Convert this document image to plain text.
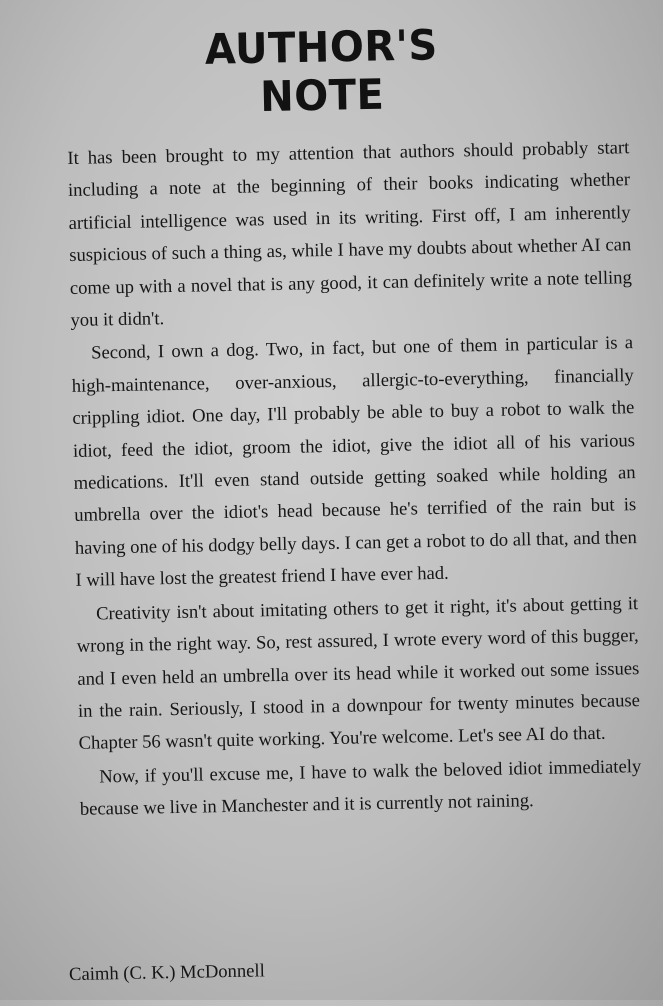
AUTHOR'S NOTE

It has been brought to my attention that authors should probably start including a note at the beginning of their books indicating whether artificial intelligence was used in its writing. First off, I am inherently suspicious of such a thing as, while I have my doubts about whether AI can come up with a novel that is any good, it can definitely write a note telling you it didn't.

Second, I own a dog. Two, in fact, but one of them in particular is a high-maintenance, over-anxious, allergic-to-everything, financially crippling idiot. One day, I'll probably be able to buy a robot to walk the idiot, feed the idiot, groom the idiot, give the idiot all of his various medications. It'll even stand outside getting soaked while holding an umbrella over the idiot's head because he's terrified of the rain but is having one of his dodgy belly days. I can get a robot to do all that, and then I will have lost the greatest friend I have ever had.

Creativity isn't about imitating others to get it right, it's about getting it wrong in the right way. So, rest assured, I wrote every word of this bugger, and I even held an umbrella over its head while it worked out some issues in the rain. Seriously, I stood in a downpour for twenty minutes because Chapter 56 wasn't quite working. You're welcome. Let's see AI do that.

Now, if you'll excuse me, I have to walk the beloved idiot immediately because we live in Manchester and it is currently not raining.

Caimh (C. K.) McDonnell
